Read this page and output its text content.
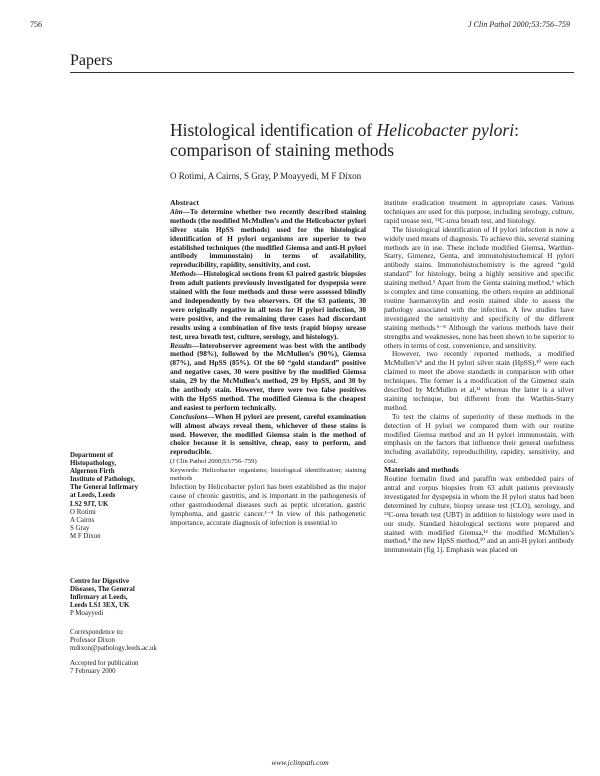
756	J Clin Pathol 2000;53:756–759
Papers
Histological identification of Helicobacter pylori:
comparison of staining methods
O Rotimi, A Cairns, S Gray, P Moayyedi, M F Dixon

Abstract

Aim—To determine whether two recently described staining methods (the modified McMullen’s and the Helicobacter pylori silver stain HpSS methods) used for the histological identification of H pylori organisms are superior to two established techniques (the modified Giemsa and anti-H pylori antibody immunostain) in terms of availability, reproducibility, rapidity, sensitivity, and cost.

Methods—Histological sections from 63 paired gastric biopsies from adult patients previously investigated for dyspepsia were stained with the four methods and these were assessed blindly and independently by two observers. Of the 63 patients, 30 were originally negative in all tests for H pylori infection, 30 were positive, and the remaining three cases had discordant results using a combination of five tests (rapid biopsy urease test, urea breath test, culture, serology, and histology).

Results—Interobserver agreement was best with the antibody method (98%), followed by the McMullen’s (90%), Giemsa (87%), and HpSS (85%). Of the 60 “gold standard” positive and negative cases, 30 were positive by the modified Giemsa stain, 29 by the McMullen’s method, 29 by HpSS, and 30 by the antibody stain. However, there were two false positives with the HpSS method. The modified Giemsa is the cheapest and easiest to perform technically.

Conclusions—When H pylori are present, careful examination will almost always reveal them, whichever of these stains is used. However, the modified Giemsa stain is the method of choice because it is sensitive, cheap, easy to perform, and reproducible.

(J Clin Pathol 2000;53:756–759)

Keywords: Helicobacter organisms; histological identification; staining methods

Infection by Helicobacter pylori has been established as the major cause of chronic gastritis, and is important in the pathogenesis of other gastroduodenal diseases such as peptic ulceration, gastric lymphoma, and gastric cancer.¹⁻⁴ In view of this pathogenetic importance, accurate diagnosis of infection is essential to

institute eradication treatment in appropriate cases. Various techniques are used for this purpose, including serology, culture, rapid urease test, ¹³C-urea breath test, and histology.

The histological identification of H pylori infection is now a widely used means of diagnosis. To achieve this, several staining methods are in use. These include modified Giemsa, Warthin-Starry, Gimenez, Genta, and immunohistochemical H pylori antibody stains. Immunohistochemistry is the agreed “gold standard” for histology, being a highly sensitive and specific staining method.⁵ Apart from the Genta staining method,⁶ which is complex and time consuming, the others require an additional routine haematoxylin and eosin stained slide to assess the pathology associated with the infection. A few studies have investigated the sensitivity and specificity of the different staining methods.⁵⁻⁸ Although the various methods have their strengths and weaknesses, none has been shown to be superior to others in terms of cost, convenience, and sensitivity.

However, two recently reported methods, a modified McMullen’s⁹ and the H pylori silver stain (HpSS),¹⁰ were each claimed to meet the above standards in comparison with other techniques. The former is a modification of the Gimenez stain described by McMullen et al,¹¹ whereas the latter is a silver staining technique, but different from the Warthin-Starry method.

To test the claims of superiority of these methods in the detection of H pylori we compared them with our routine modified Giemsa method and an H pylori immunostain, with emphasis on the factors that influence their general usefulness including availability, reproducibility, rapidity, sensitivity, and cost.

Materials and methods

Routine formalin fixed and paraffin wax embedded pairs of antral and corpus biopsies from 63 adult patients previously investigated for dyspepsia in whom the H pylori status had been determined by culture, biopsy urease test (CLO), serology, and ¹³C-urea breath test (UBT) in addition to histology were used in our study. Standard histological sections were prepared and stained with modified Giemsa,¹² the modified McMullen’s method,⁹ the new HpSS method,¹⁰ and an anti-H pylori antibody immunostain (fig 1). Emphasis was placed on

Department of
Histopathology,
Algernon Firth
Institute of Pathology,
The General Infirmary
at Leeds, Leeds
LS2 9JT, UK
O Rotimi
A Cairns
S Gray
M F Dixon
Centre for Digestive
Diseases, The General
Infirmary at Leeds,
Leeds LS1 3EX, UK
P Moayyedi
Correspondence to:
Professor Dixon
mdixon@pathology.leeds.ac.uk
Accepted for publication
7 February 2000
www.jclinpath.com
